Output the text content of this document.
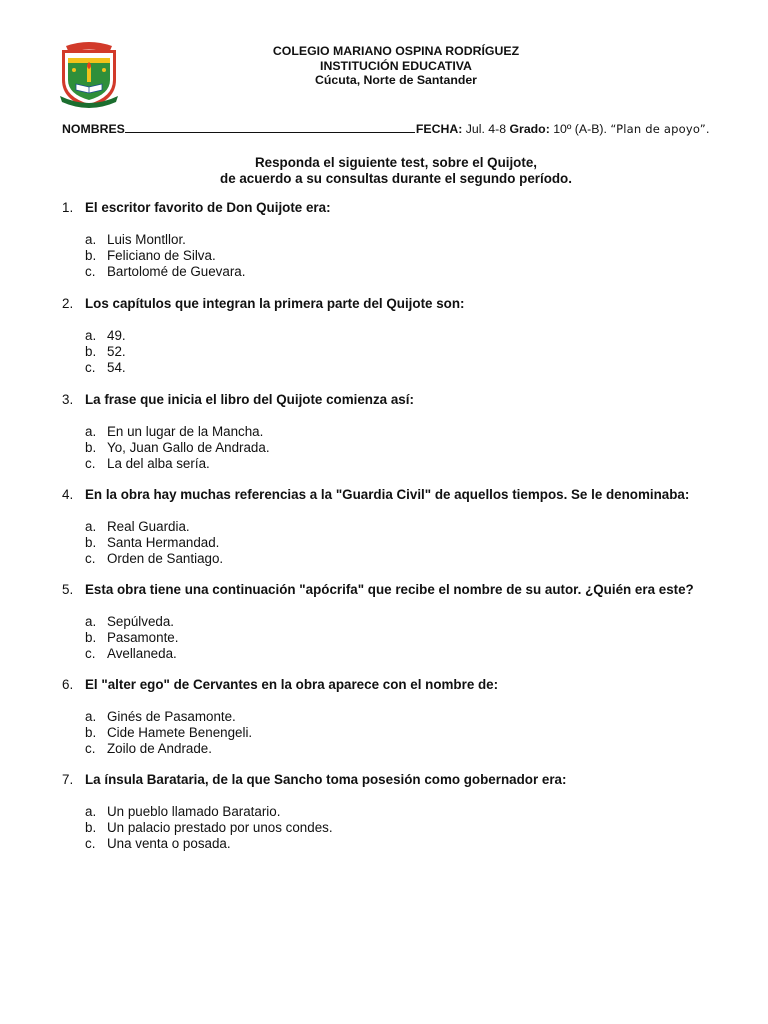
COLEGIO MARIANO OSPINA RODRÍGUEZ
INSTITUCIÓN EDUCATIVA
Cúcuta, Norte de Santander
NOMBRES	FECHA: Jul. 4-8 Grado: 10º (A-B). “Plan de apoyo”.
Responda el siguiente test, sobre el Quijote,
de acuerdo a su consultas durante el segundo período.
1. El escritor favorito de Don Quijote era:
a. Luis Montllor.
b. Feliciano de Silva.
c. Bartolomé de Guevara.
2. Los capítulos que integran la primera parte del Quijote son:
a. 49.
b. 52.
c. 54.
3. La frase que inicia el libro del Quijote comienza así:
a. En un lugar de la Mancha.
b. Yo, Juan Gallo de Andrada.
c. La del alba sería.
4. En la obra hay muchas referencias a la "Guardia Civil" de aquellos tiempos. Se le denominaba:
a. Real Guardia.
b. Santa Hermandad.
c. Orden de Santiago.
5. Esta obra tiene una continuación "apócrifa" que recibe el nombre de su autor. ¿Quién era este?
a. Sepúlveda.
b. Pasamonte.
c. Avellaneda.
6. El "alter ego" de Cervantes en la obra aparece con el nombre de:
a. Ginés de Pasamonte.
b. Cide Hamete Benengeli.
c. Zoilo de Andrade.
7. La ínsula Barataria, de la que Sancho toma posesión como gobernador era:
a. Un pueblo llamado Baratario.
b. Un palacio prestado por unos condes.
c. Una venta o posada.
